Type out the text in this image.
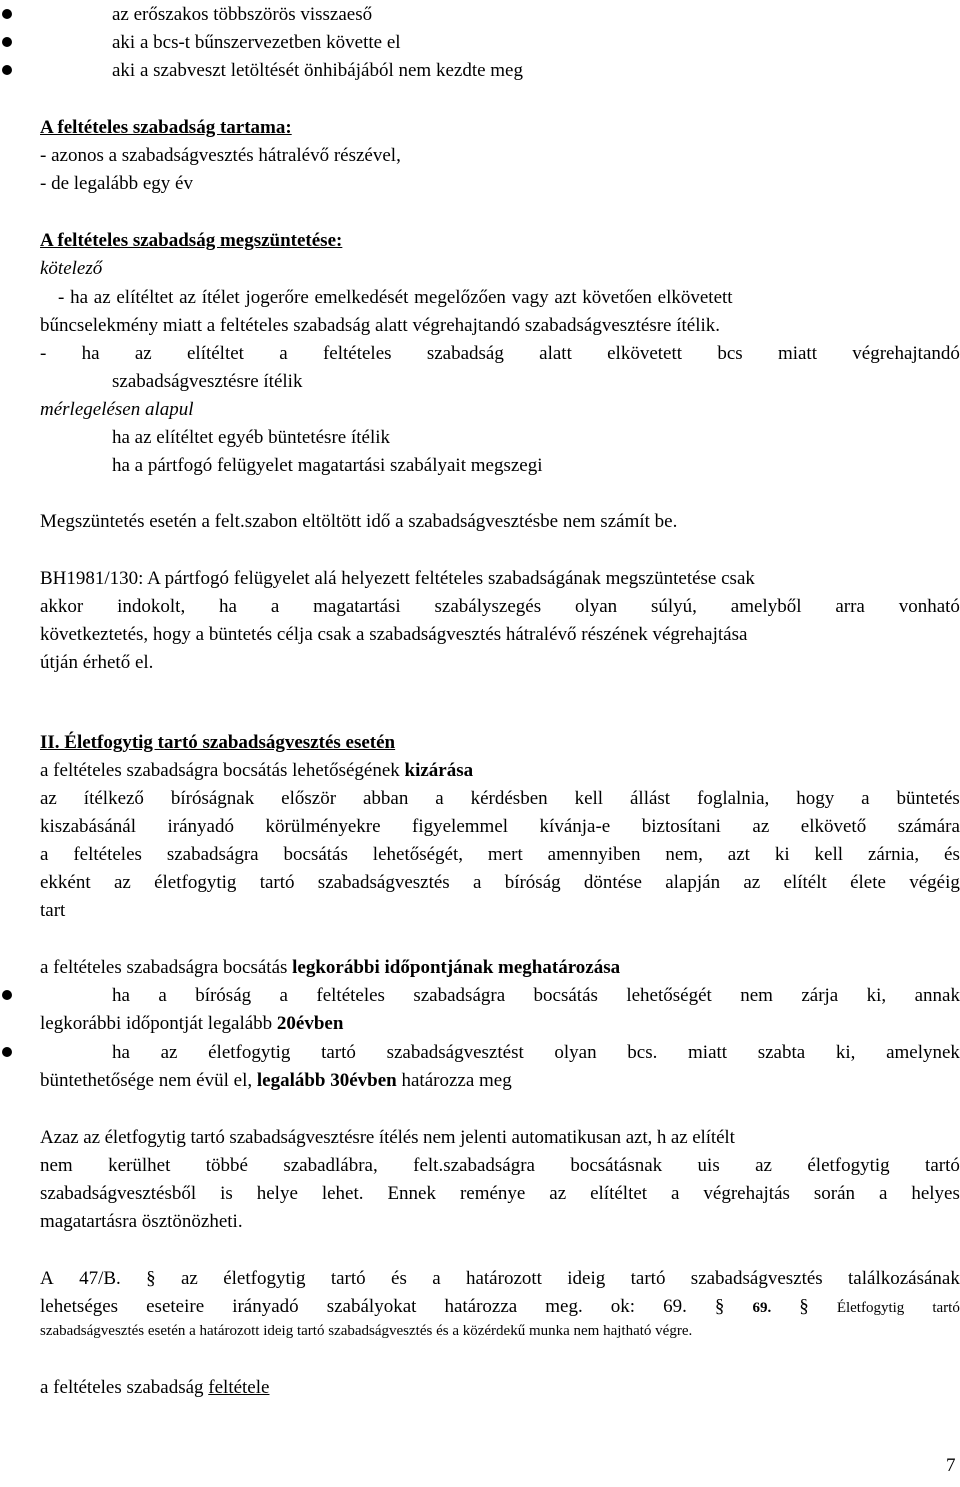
az erőszakos többszörös visszaeső

aki a bcs-t bűnszervezetben követte el

aki a szabveszt letöltését önhibájából nem kezdte meg

A feltételes szabadság tartama:

- azonos a szabadságvesztés hátralévő részével,

- de legalább egy év

A feltételes szabadság megszüntetése:

kötelező

- ha az elítéltet az ítélet jogerőre emelkedését megelőzően vagy azt követően elkövetett

bűncselekmény miatt a feltételes szabadság alatt végrehajtandó szabadságvesztésre ítélik.

- ha az elítéltet a feltételes szabadság alatt elkövetett bcs miatt végrehajtandó

szabadságvesztésre ítélik

mérlegelésen alapul

ha az elítéltet egyéb büntetésre ítélik

ha a pártfogó felügyelet magatartási szabályait megszegi

Megszüntetés esetén a felt.szabon eltöltött idő a szabadságvesztésbe nem számít be.

BH1981/130: A pártfogó felügyelet alá helyezett feltételes szabadságának megszüntetése csak

akkor indokolt, ha a magatartási szabályszegés olyan súlyú, amelyből arra vonható

következtetés, hogy a büntetés célja csak a szabadságvesztés hátralévő részének végrehajtása

útján érhető el.

II. Életfogytig tartó szabadságvesztés esetén

a feltételes szabadságra bocsátás lehetőségének kizárása

az ítélkező bíróságnak először abban a kérdésben kell állást foglalnia, hogy a büntetés

kiszabásánál irányadó körülményekre figyelemmel kívánja-e biztosítani az elkövető számára

a feltételes szabadságra bocsátás lehetőségét, mert amennyiben nem, azt ki kell zárnia, és

ekként az életfogytig tartó szabadságvesztés a bíróság döntése alapján az elítélt élete végéig

tart

a feltételes szabadságra bocsátás legkorábbi időpontjának meghatározása

ha a bíróság a feltételes szabadságra bocsátás lehetőségét nem zárja ki, annak

legkorábbi időpontját legalább 20évben

ha az életfogytig tartó szabadságvesztést olyan bcs. miatt szabta ki, amelynek

büntethetősége nem évül el, legalább 30évben határozza meg

Azaz az életfogytig tartó szabadságvesztésre ítélés nem jelenti automatikusan azt, h az elítélt

nem kerülhet többé szabadlábra, felt.szabadságra bocsátásnak uis az életfogytig tartó

szabadságvesztésből is helye lehet. Ennek reménye az elítéltet a végrehajtás során a helyes

magatartásra ösztönözheti.

A 47/B. § az életfogytig tartó és a határozott ideig tartó szabadságvesztés találkozásának

lehetséges eseteire irányadó szabályokat határozza meg. ok: 69. § 69. § Életfogytig tartó

szabadságvesztés esetén a határozott ideig tartó szabadságvesztés és a közérdekű munka nem hajtható végre.

a feltételes szabadság feltétele

7
